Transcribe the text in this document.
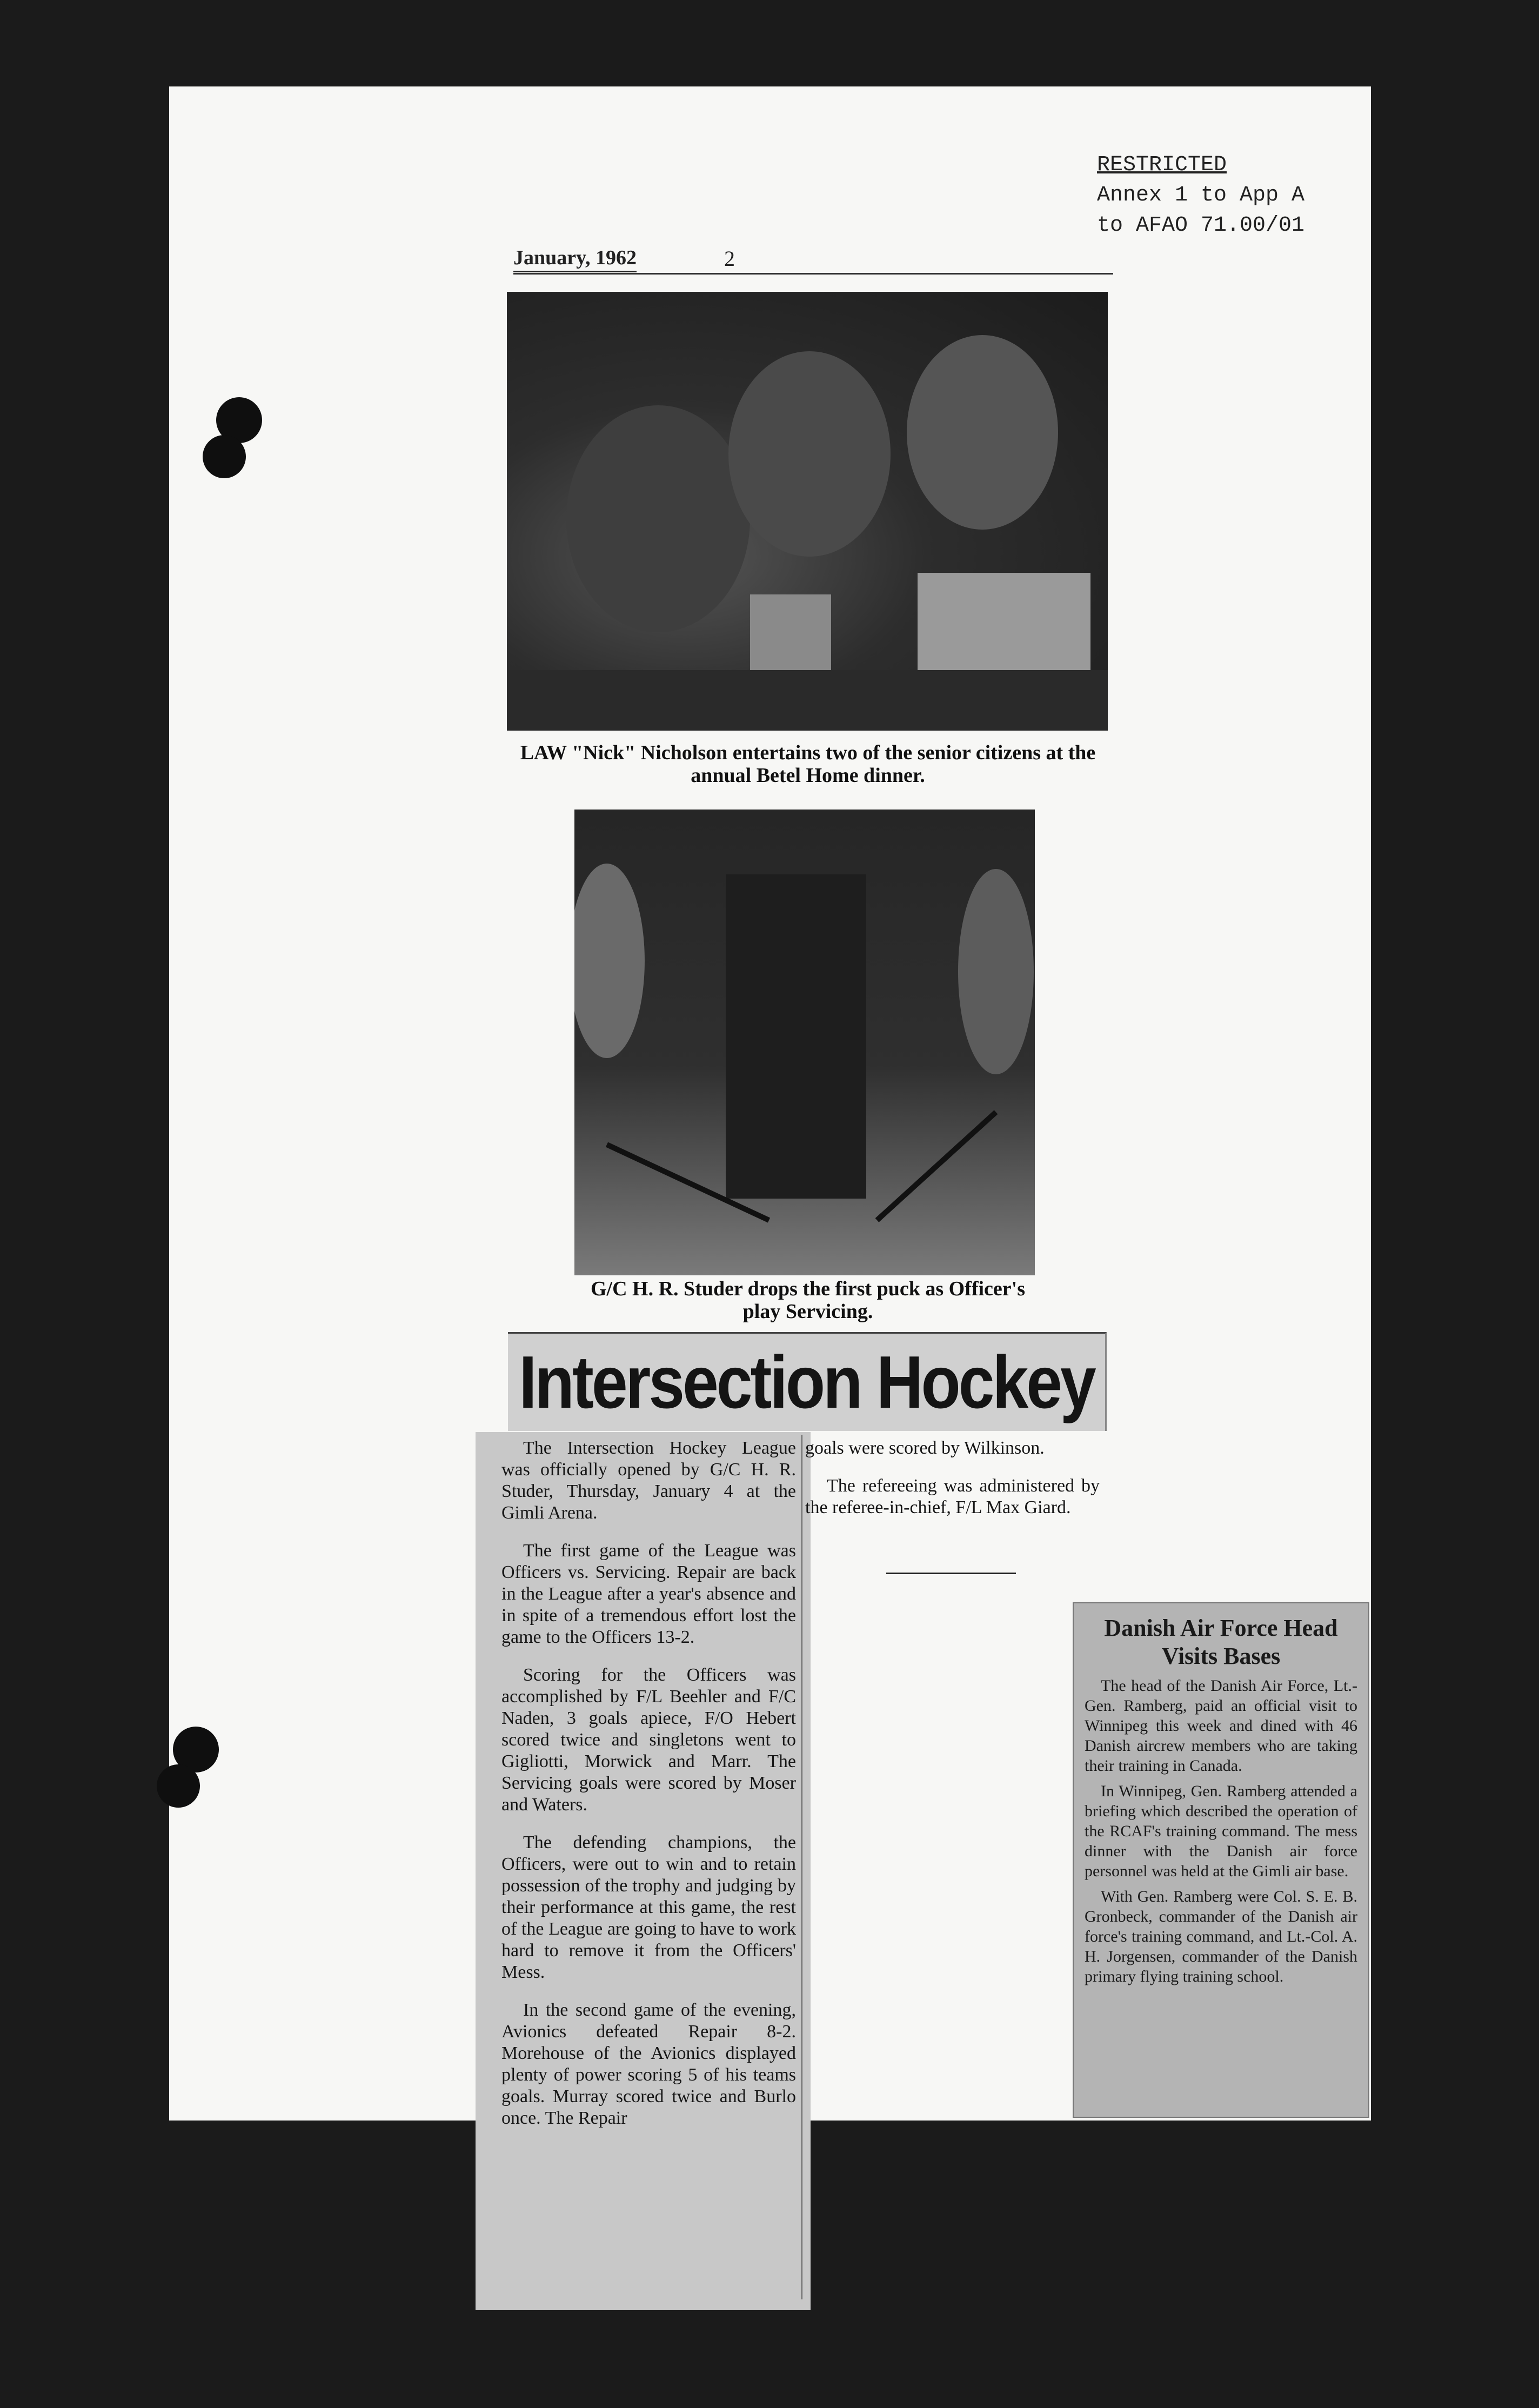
RESTRICTED
Annex 1 to App A
to AFAO 71.00/01
January, 1962	2
LAW "Nick" Nicholson entertains two of the senior citizens at the annual Betel Home dinner.
G/C H. R. Studer drops the first puck as Officer's play Servicing.
Intersection Hockey

The Intersection Hockey League was officially opened by G/C H. R. Studer, Thursday, January 4 at the Gimli Arena.

The first game of the League was Officers vs. Servicing. Repair are back in the League after a year's absence and in spite of a tremendous effort lost the game to the Officers 13-2.

Scoring for the Officers was accomplished by F/L Beehler and F/C Naden, 3 goals apiece, F/O Hebert scored twice and singletons went to Gigliotti, Morwick and Marr. The Servicing goals were scored by Moser and Waters.

The defending champions, the Officers, were out to win and to retain possession of the trophy and judging by their performance at this game, the rest of the League are going to have to work hard to remove it from the Officers' Mess.

In the second game of the evening, Avionics defeated Repair 8-2. Morehouse of the Avionics displayed plenty of power scoring 5 of his teams goals. Murray scored twice and Burlo once. The Repair

goals were scored by Wilkinson.

The refereeing was administered by the referee-in-chief, F/L Max Giard.

Danish Air Force Head Visits Bases

The head of the Danish Air Force, Lt.-Gen. Ramberg, paid an official visit to Winnipeg this week and dined with 46 Danish aircrew members who are taking their training in Canada.

In Winnipeg, Gen. Ramberg attended a briefing which described the operation of the RCAF's training command. The mess dinner with the Danish air force personnel was held at the Gimli air base.

With Gen. Ramberg were Col. S. E. B. Gronbeck, commander of the Danish air force's training command, and Lt.-Col. A. H. Jorgensen, commander of the Danish primary flying training school.
